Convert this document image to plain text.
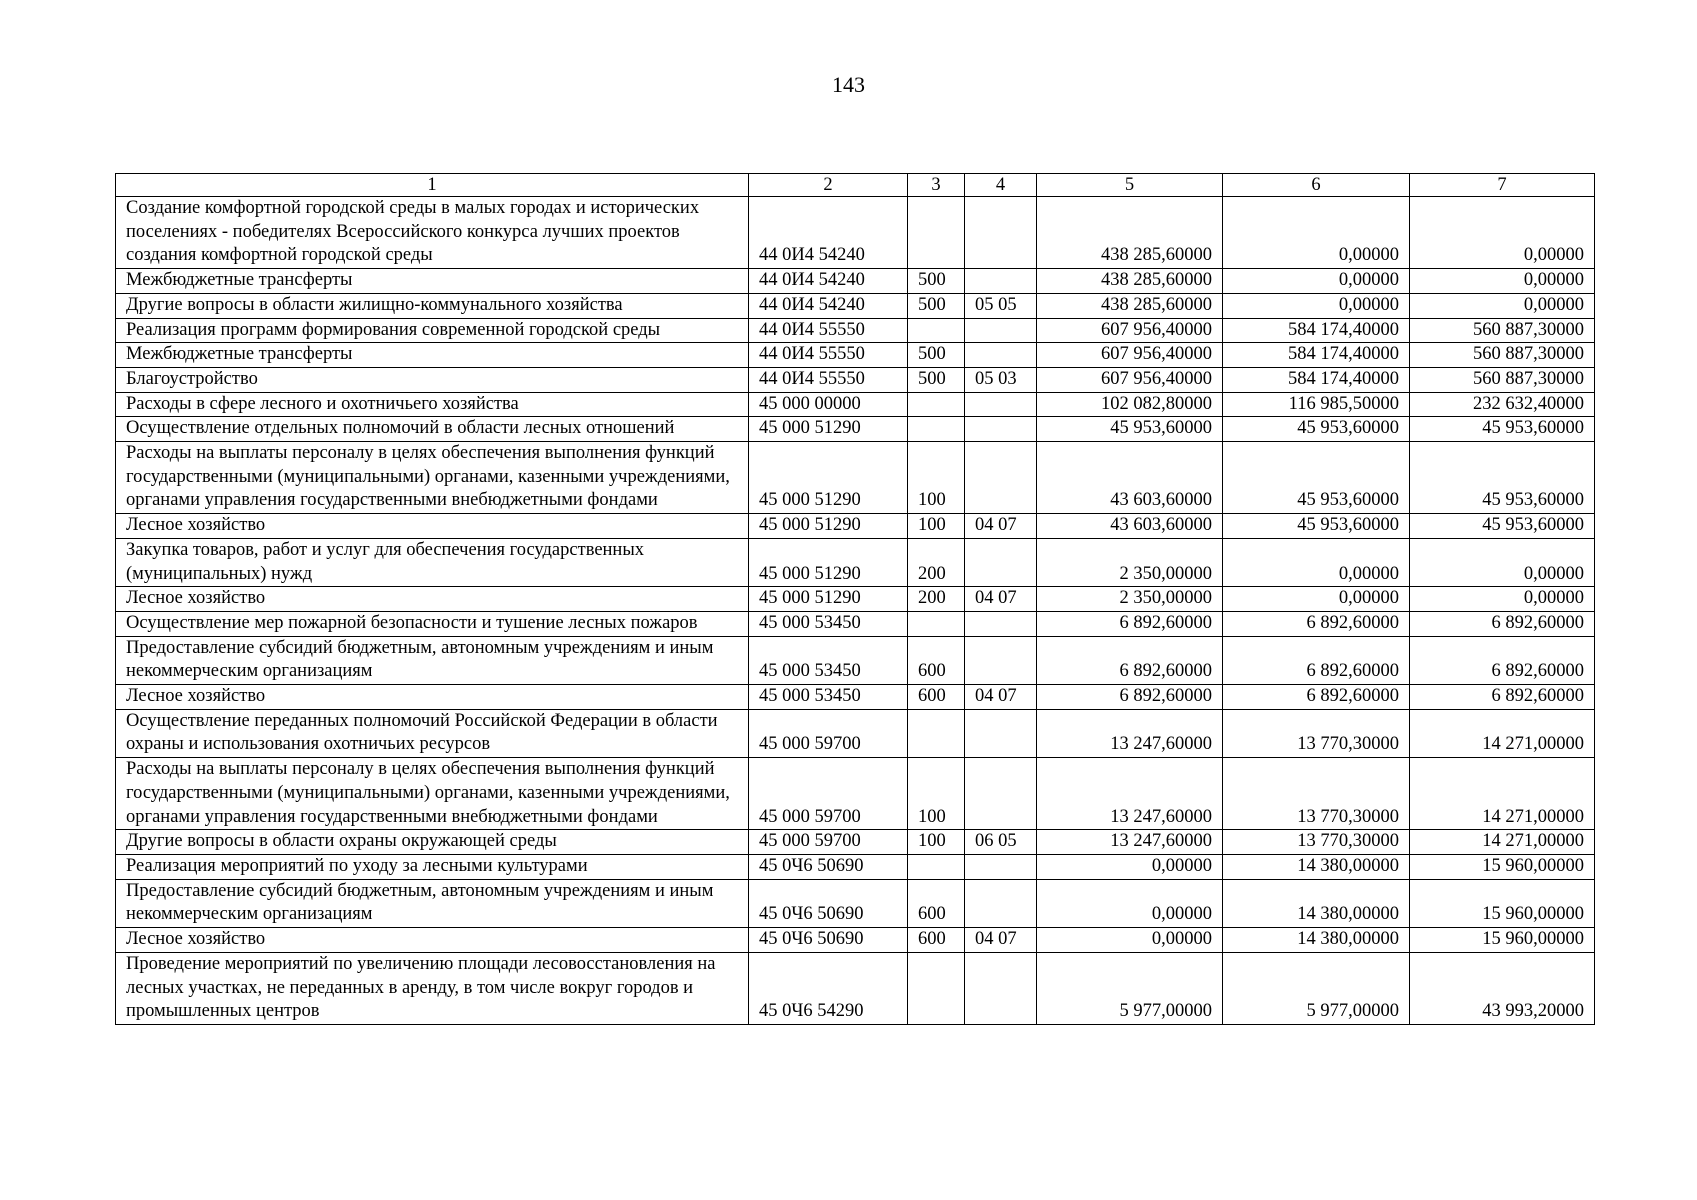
143
1	2	3	4	5	6	7
Создание комфортной городской среды в малых городах и исторических поселениях - победителях Всероссийского конкурса лучших проектов создания комфортной городской среды	44 0И4 54240			438 285,60000	0,00000	0,00000
Межбюджетные трансферты	44 0И4 54240	500		438 285,60000	0,00000	0,00000
Другие вопросы в области жилищно-коммунального хозяйства	44 0И4 54240	500	05 05	438 285,60000	0,00000	0,00000
Реализация программ формирования современной городской среды	44 0И4 55550			607 956,40000	584 174,40000	560 887,30000
Межбюджетные трансферты	44 0И4 55550	500		607 956,40000	584 174,40000	560 887,30000
Благоустройство	44 0И4 55550	500	05 03	607 956,40000	584 174,40000	560 887,30000
Расходы в сфере лесного и охотничьего хозяйства	45 000 00000			102 082,80000	116 985,50000	232 632,40000
Осуществление отдельных полномочий в области лесных отношений	45 000 51290			45 953,60000	45 953,60000	45 953,60000
Расходы на выплаты персоналу в целях обеспечения выполнения функций государственными (муниципальными) органами, казенными учреждениями, органами управления государственными внебюджетными фондами	45 000 51290	100		43 603,60000	45 953,60000	45 953,60000
Лесное хозяйство	45 000 51290	100	04 07	43 603,60000	45 953,60000	45 953,60000
Закупка товаров, работ и услуг для обеспечения государственных (муниципальных) нужд	45 000 51290	200		2 350,00000	0,00000	0,00000
Лесное хозяйство	45 000 51290	200	04 07	2 350,00000	0,00000	0,00000
Осуществление мер пожарной безопасности и тушение лесных пожаров	45 000 53450			6 892,60000	6 892,60000	6 892,60000
Предоставление субсидий бюджетным, автономным учреждениям и иным некоммерческим организациям	45 000 53450	600		6 892,60000	6 892,60000	6 892,60000
Лесное хозяйство	45 000 53450	600	04 07	6 892,60000	6 892,60000	6 892,60000
Осуществление переданных полномочий Российской Федерации в области охраны и использования охотничьих ресурсов	45 000 59700			13 247,60000	13 770,30000	14 271,00000
Расходы на выплаты персоналу в целях обеспечения выполнения функций государственными (муниципальными) органами, казенными учреждениями, органами управления государственными внебюджетными фондами	45 000 59700	100		13 247,60000	13 770,30000	14 271,00000
Другие вопросы в области охраны окружающей среды	45 000 59700	100	06 05	13 247,60000	13 770,30000	14 271,00000
Реализация мероприятий по уходу за лесными культурами	45 0Ч6 50690			0,00000	14 380,00000	15 960,00000
Предоставление субсидий бюджетным, автономным учреждениям и иным некоммерческим организациям	45 0Ч6 50690	600		0,00000	14 380,00000	15 960,00000
Лесное хозяйство	45 0Ч6 50690	600	04 07	0,00000	14 380,00000	15 960,00000
Проведение мероприятий по увеличению площади лесовосстановления на лесных участках, не переданных в аренду, в том числе вокруг городов и промышленных центров	45 0Ч6 54290			5 977,00000	5 977,00000	43 993,20000
